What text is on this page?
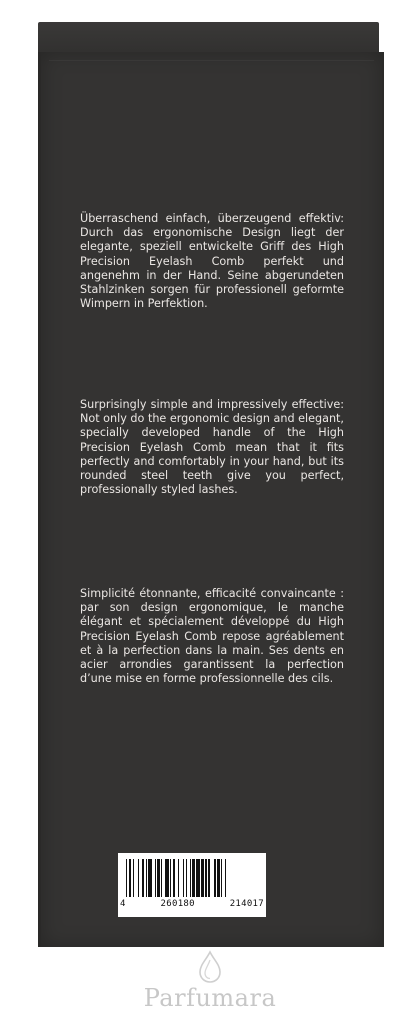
Überraschend einfach, überzeugend effektiv: Durch das ergonomische Design liegt der elegante, speziell entwickelte Griff des High Precision Eyelash Comb perfekt und angenehm in der Hand. Seine abgerundeten Stahlzinken sorgen für professionell geformte Wimpern in Perfektion.

Surprisingly simple and impressively effective: Not only do the ergonomic design and elegant, specially developed handle of the High Precision Eyelash Comb mean that it fits perfectly and comfortably in your hand, but its rounded steel teeth give you perfect, professionally styled lashes.

Simplicité étonnante, efficacité convaincante : par son design ergonomique, le manche élégant et spécialement développé du High Precision Eyelash Comb repose agréablement et à la perfection dans la main. Ses dents en acier arrondies garantissent la perfection d’une mise en forme professionnelle des cils.

4	260180	214017
Parfumara
